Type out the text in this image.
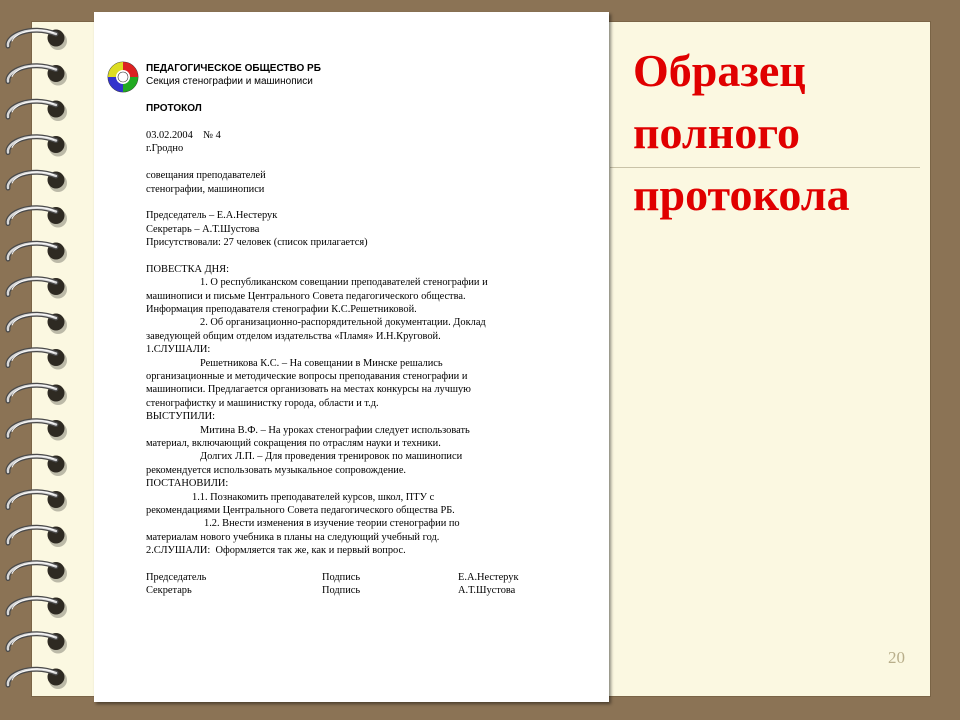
Образец
полного
протокола
20
ПЕДАГОГИЧЕСКОЕ ОБЩЕСТВО РБ
Секция стенографии и машинописи
ПРОТОКОЛ
03.02.2004    № 4
г.Гродно
совещания преподавателей
стенографии, машинописи
Председатель – Е.А.Нестерук
Секретарь – А.Т.Шустова
Присутствовали: 27 человек (список прилагается)
ПОВЕСТКА ДНЯ:
1. О республиканском совещании преподавателей стенографии и
машинописи и письме Центрального Совета педагогического общества.
Информация преподавателя стенографии К.С.Решетниковой.
2. Об организационно-распорядительной документации. Доклад
заведующей общим отделом издательства «Пламя» И.Н.Круговой.
1.СЛУШАЛИ:
Решетникова К.С. – На совещании в Минске решались
организационные и методические вопросы преподавания стенографии и
машинописи. Предлагается организовать на местах конкурсы на лучшую
стенографистку и машинистку города, области и т.д.
ВЫСТУПИЛИ:
Митина В.Ф. – На уроках стенографии следует использовать
материал, включающий сокращения по отраслям науки и техники.
Долгих Л.П. – Для проведения тренировок по машинописи
рекомендуется использовать музыкальное сопровождение.
ПОСТАНОВИЛИ:
1.1. Познакомить преподавателей курсов, школ, ПТУ с
рекомендациями Центрального Совета педагогического общества РБ.
1.2. Внести изменения в изучение теории стенографии по
материалам нового учебника в планы на следующий учебный год.
2.СЛУШАЛИ:  Оформляется так же, как и первый вопрос.
Председатель	Подпись	Е.А.Нестерук
Секретарь	Подпись	А.Т.Шустова
